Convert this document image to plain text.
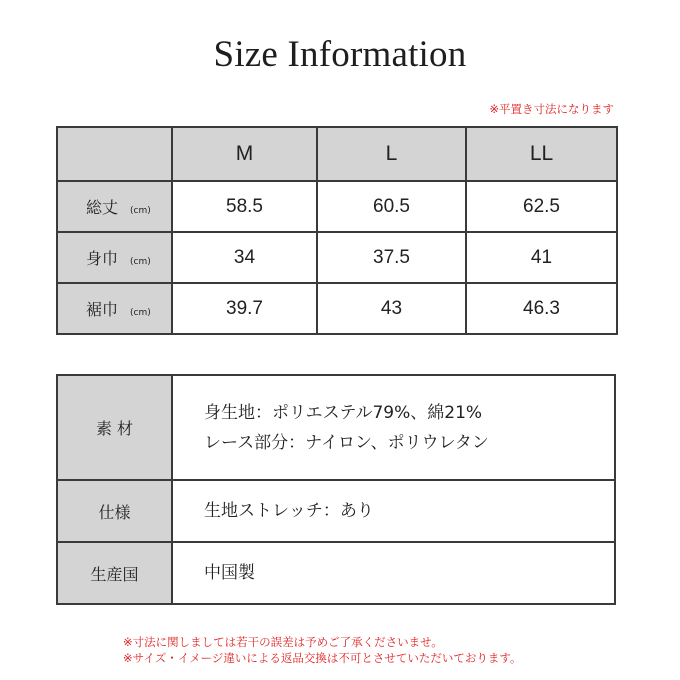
Size Information
※平置き寸法になります
	M	L	LL
総丈 (cm)	58.5	60.5	62.5
身巾 (cm)	34	37.5	41
裾巾 (cm)	39.7	43	46.3
素 材	身生地：ポリエステル79%、綿21%
レース部分：ナイロン、ポリウレタン

仕様	生地ストレッチ：あり
生産国	中国製
※寸法に関しましては若干の誤差は予めご了承くださいませ。
※サイズ・イメージ違いによる返品交換は不可とさせていただいております。
